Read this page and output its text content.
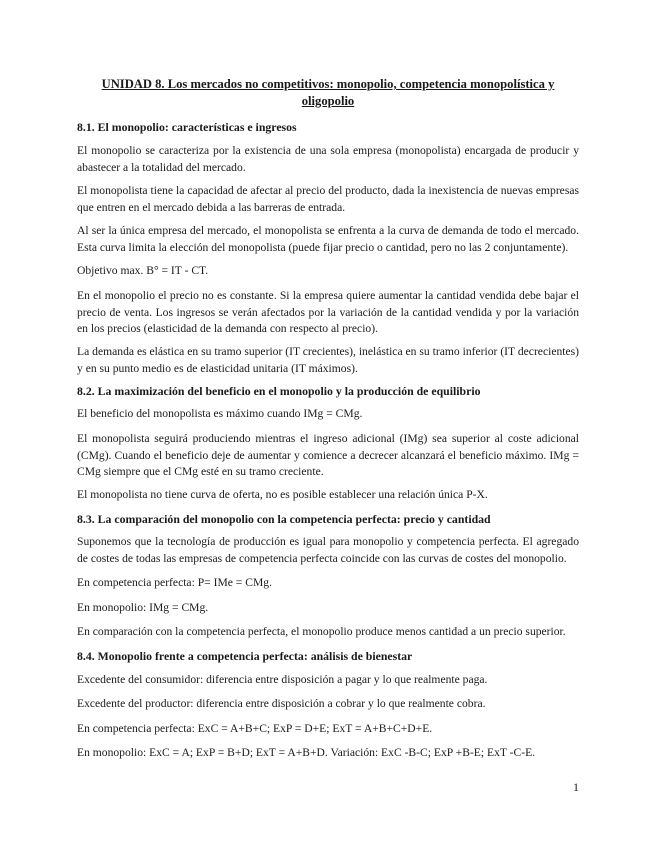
UNIDAD 8. Los mercados no competitivos: monopolio, competencia monopolística y oligopolio
8.1. El monopolio: características e ingresos

El monopolio se caracteriza por la existencia de una sola empresa (monopolista) encargada de producir y abastecer a la totalidad del mercado.

El monopolista tiene la capacidad de afectar al precio del producto, dada la inexistencia de nuevas empresas que entren en el mercado debida a las barreras de entrada.

Al ser la única empresa del mercado, el monopolista se enfrenta a la curva de demanda de todo el mercado. Esta curva limita la elección del monopolista (puede fijar precio o cantidad, pero no las 2 conjuntamente).

Objetivo max. B° = IT - CT.

En el monopolio el precio no es constante. Si la empresa quiere aumentar la cantidad vendida debe bajar el precio de venta. Los ingresos se verán afectados por la variación de la cantidad vendida y por la variación en los precios (elasticidad de la demanda con respecto al precio).

La demanda es elástica en su tramo superior (IT crecientes), inelástica en su tramo inferior (IT decrecientes) y en su punto medio es de elasticidad unitaria (IT máximos).

8.2. La maximización del beneficio en el monopolio y la producción de equilibrio

El beneficio del monopolista es máximo cuando IMg = CMg.

El monopolista seguirá produciendo mientras el ingreso adicional (IMg) sea superior al coste adicional (CMg). Cuando el beneficio deje de aumentar y comience a decrecer alcanzará el beneficio máximo. IMg = CMg siempre que el CMg esté en su tramo creciente.

El monopolista no tiene curva de oferta, no es posible establecer una relación única P-X.

8.3. La comparación del monopolio con la competencia perfecta: precio y cantidad

Suponemos que la tecnología de producción es igual para monopolio y competencia perfecta. El agregado de costes de todas las empresas de competencia perfecta coincide con las curvas de costes del monopolio.

En competencia perfecta: P= IMe = CMg.

En monopolio: IMg = CMg.

En comparación con la competencia perfecta, el monopolio produce menos cantidad a un precio superior.

8.4. Monopolio frente a competencia perfecta: análisis de bienestar

Excedente del consumidor: diferencia entre disposición a pagar y lo que realmente paga.

Excedente del productor: diferencia entre disposición a cobrar y lo que realmente cobra.

En competencia perfecta: ExC = A+B+C; ExP = D+E; ExT = A+B+C+D+E.

En monopolio: ExC = A; ExP = B+D; ExT = A+B+D. Variación: ExC -B-C; ExP +B-E; ExT -C-E.

1
